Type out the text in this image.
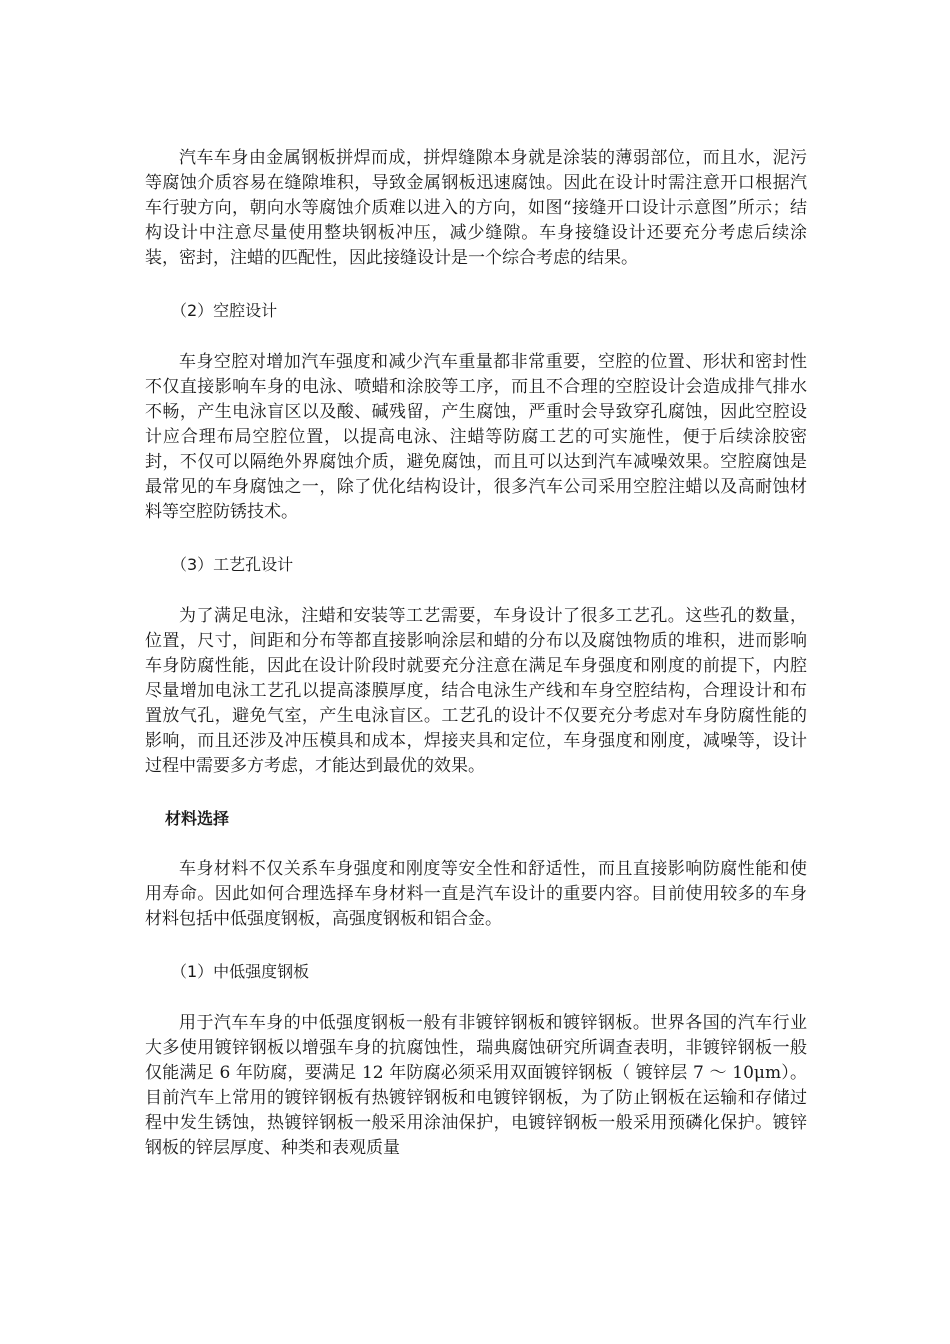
汽车车身由金属钢板拼焊而成，拼焊缝隙本身就是涂装的薄弱部位，而且水，泥污等腐蚀介质容易在缝隙堆积，导致金属钢板迅速腐蚀。因此在设计时需注意开口根据汽车行驶方向，朝向水等腐蚀介质难以进入的方向，如图“接缝开口设计示意图”所示；结构设计中注意尽量使用整块钢板冲压，减少缝隙。车身接缝设计还要充分考虑后续涂装，密封，注蜡的匹配性，因此接缝设计是一个综合考虑的结果。

（2）空腔设计

车身空腔对增加汽车强度和减少汽车重量都非常重要，空腔的位置、形状和密封性不仅直接影响车身的电泳、喷蜡和涂胶等工序，而且不合理的空腔设计会造成排气排水不畅，产生电泳盲区以及酸、碱残留，产生腐蚀，严重时会导致穿孔腐蚀，因此空腔设计应合理布局空腔位置，以提高电泳、注蜡等防腐工艺的可实施性，便于后续涂胶密封，不仅可以隔绝外界腐蚀介质，避免腐蚀，而且可以达到汽车减噪效果。空腔腐蚀是最常见的车身腐蚀之一，除了优化结构设计，很多汽车公司采用空腔注蜡以及高耐蚀材料等空腔防锈技术。

（3）工艺孔设计

为了满足电泳，注蜡和安装等工艺需要，车身设计了很多工艺孔。这些孔的数量，位置，尺寸，间距和分布等都直接影响涂层和蜡的分布以及腐蚀物质的堆积，进而影响车身防腐性能，因此在设计阶段时就要充分注意在满足车身强度和刚度的前提下，内腔尽量增加电泳工艺孔以提高漆膜厚度，结合电泳生产线和车身空腔结构，合理设计和布置放气孔，避免气室，产生电泳盲区。工艺孔的设计不仅要充分考虑对车身防腐性能的影响，而且还涉及冲压模具和成本，焊接夹具和定位，车身强度和刚度，减噪等，设计过程中需要多方考虑，才能达到最优的效果。

材料选择

车身材料不仅关系车身强度和刚度等安全性和舒适性，而且直接影响防腐性能和使用寿命。因此如何合理选择车身材料一直是汽车设计的重要内容。目前使用较多的车身材料包括中低强度钢板，高强度钢板和铝合金。

（1）中低强度钢板

用于汽车车身的中低强度钢板一般有非镀锌钢板和镀锌钢板。世界各国的汽车行业大多使用镀锌钢板以增强车身的抗腐蚀性，瑞典腐蚀研究所调查表明，非镀锌钢板一般仅能满足 6 年防腐，要满足 12 年防腐必须采用双面镀锌钢板（ 镀锌层 7 ～ 10μm）。目前汽车上常用的镀锌钢板有热镀锌钢板和电镀锌钢板，为了防止钢板在运输和存储过程中发生锈蚀，热镀锌钢板一般采用涂油保护，电镀锌钢板一般采用预磷化保护。镀锌钢板的锌层厚度、种类和表观质量
